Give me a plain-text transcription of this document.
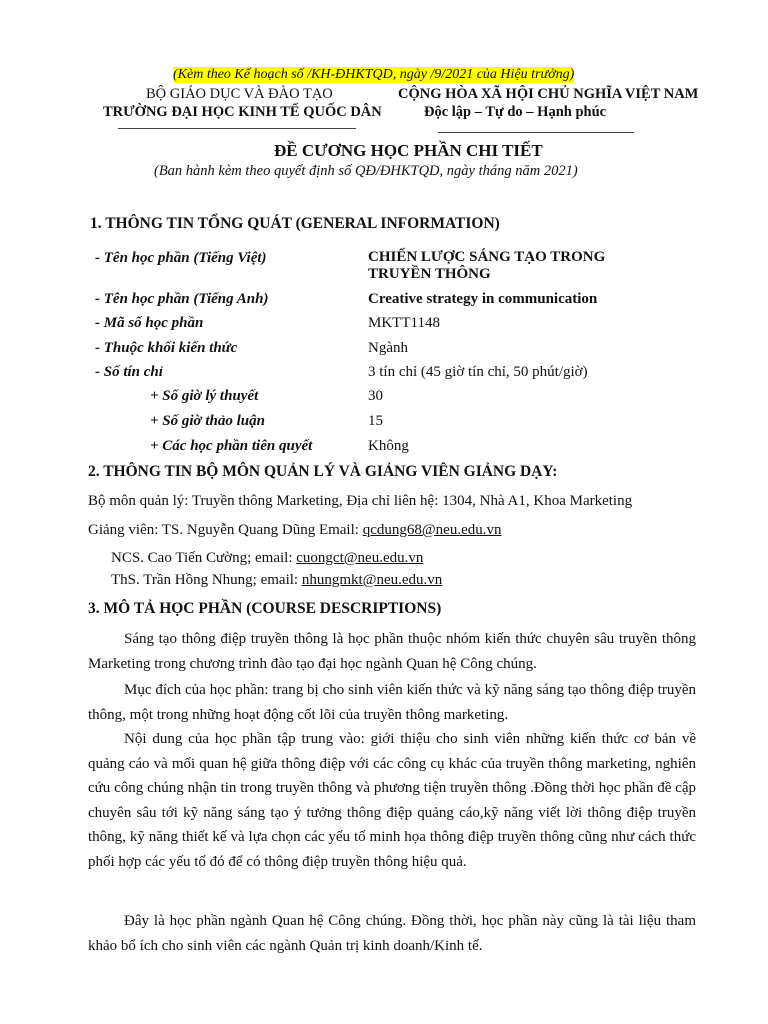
(Kèm theo Kế hoạch số /KH-ĐHKTQD, ngày /9/2021 của Hiệu trưởng)
BỘ GIÁO DỤC VÀ ĐÀO TẠO
TRƯỜNG ĐẠI HỌC KINH TẾ QUỐC DÂN
CỘNG HÒA XÃ HỘI CHỦ NGHĨA VIỆT NAM
Độc lập – Tự do – Hạnh phúc
ĐỀ CƯƠNG HỌC PHẦN CHI TIẾT
(Ban hành kèm theo quyết định số QĐ/ĐHKTQD, ngày tháng năm 2021)
1. THÔNG TIN TỔNG QUÁT (GENERAL INFORMATION)
- Tên học phần (Tiếng Việt)	CHIẾN LƯỢC SÁNG TẠO TRONG
TRUYỀN THÔNG
- Tên học phần (Tiếng Anh)	Creative strategy in communication
- Mã số học phần	MKTT1148
- Thuộc khối kiến thức	Ngành
- Số tín chỉ	3 tín chỉ (45 giờ tín chỉ, 50 phút/giờ)
+ Số giờ lý thuyết	30
+ Số giờ thảo luận	15
+ Các học phần tiên quyết	Không
2. THÔNG TIN BỘ MÔN QUẢN LÝ VÀ GIẢNG VIÊN GIẢNG DẠY:
Bộ môn quản lý: Truyền thông Marketing, Địa chỉ liên hệ: 1304, Nhà A1, Khoa Marketing
Giảng viên: TS. Nguyễn Quang Dũng Email: qcdung68@neu.edu.vn
NCS. Cao Tiến Cường; email: cuongct@neu.edu.vn
ThS. Trần Hồng Nhung; email: nhungmkt@neu.edu.vn
3. MÔ TẢ HỌC PHẦN (COURSE DESCRIPTIONS)
Sáng tạo thông điệp truyền thông là học phần thuộc nhóm kiến thức chuyên sâu truyền thông Marketing trong chương trình đào tạo đại học ngành Quan hệ Công chúng.
Mục đích của học phần: trang bị cho sinh viên kiến thức và kỹ năng sáng tạo thông điệp truyền thông, một trong những hoạt động cốt lõi của truyền thông marketing.
Nội dung của học phần tập trung vào: giới thiệu cho sinh viên những kiến thức cơ bản về quảng cáo và mối quan hệ giữa thông điệp với các công cụ khác của truyền thông marketing, nghiên cứu công chúng nhận tin trong truyền thông và phương tiện truyền thông .Đồng thời học phần đề cập chuyên sâu tới kỹ năng sáng tạo ý tưởng thông điệp quảng cáo,kỹ năng viết lời thông điệp truyền thông, kỹ năng thiết kế và lựa chọn các yếu tố minh họa thông điệp truyền thông cũng như cách thức phối hợp các yếu tố đó để có thông điệp truyền thông hiệu quả.
Đây là học phần ngành Quan hệ Công chúng. Đồng thời, học phần này cũng là tài liệu tham khảo bổ ích cho sinh viên các ngành Quản trị kinh doanh/Kinh tế.
